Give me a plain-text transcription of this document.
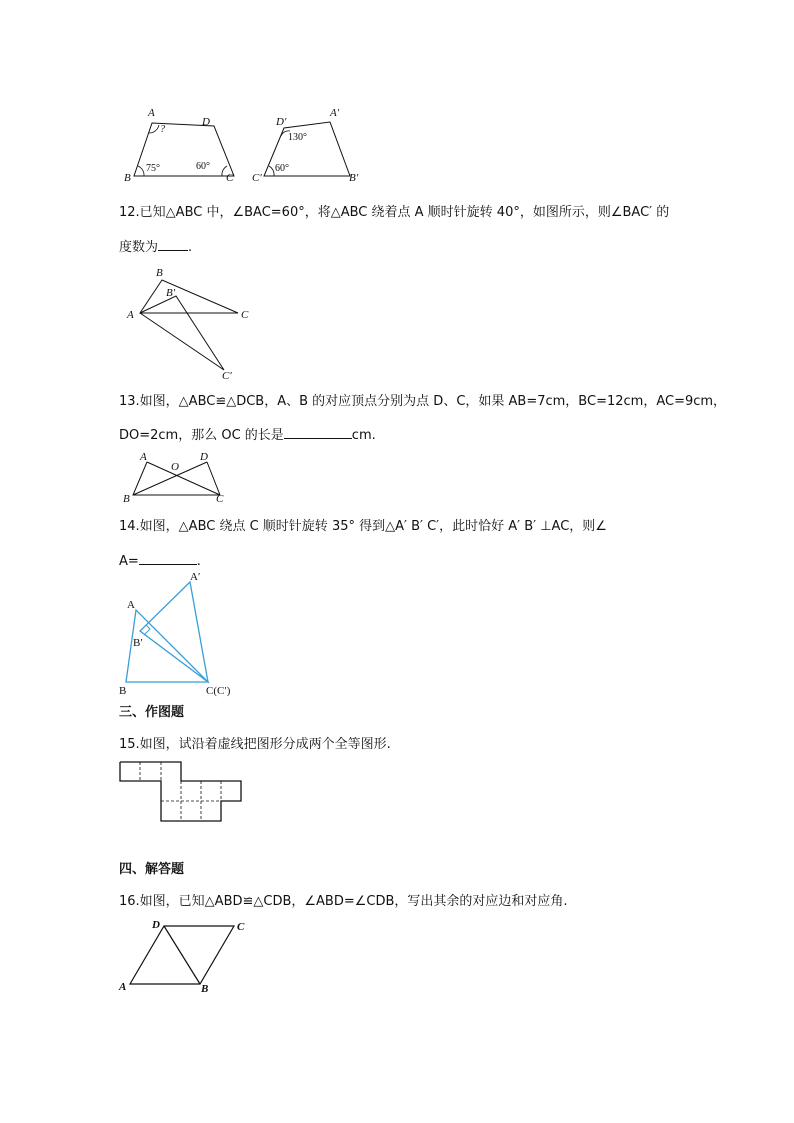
A
B	C
D
?
75°	60°
A′
B′
C′
D′
130°
60°
12.已知△ABC 中，∠BAC=60°，将△ABC 绕着点 A 顺时针旋转 40°，如图所示，则∠BAC′ 的
度数为 .
A
B
B′
C
C′
13.如图，△ABC≌△DCB，A、B 的对应顶点分别为点 D、C，如果 AB=7cm，BC=12cm，AC=9cm，
DO=2cm，那么 OC 的长是	cm.
A
O
D
B	C
14.如图，△ABC 绕点 C 顺时针旋转 35° 得到△A′ B′ C′，此时恰好 A′ B′ ⊥AC，则∠
A=	.
A
A′
B′
B	C(C′)
三、作图题
15.如图，试沿着虚线把图形分成两个全等图形.
四、解答题
16.如图，已知△ABD≌△CDB，∠ABD=∠CDB，写出其余的对应边和对应角.
D	C
A	B
